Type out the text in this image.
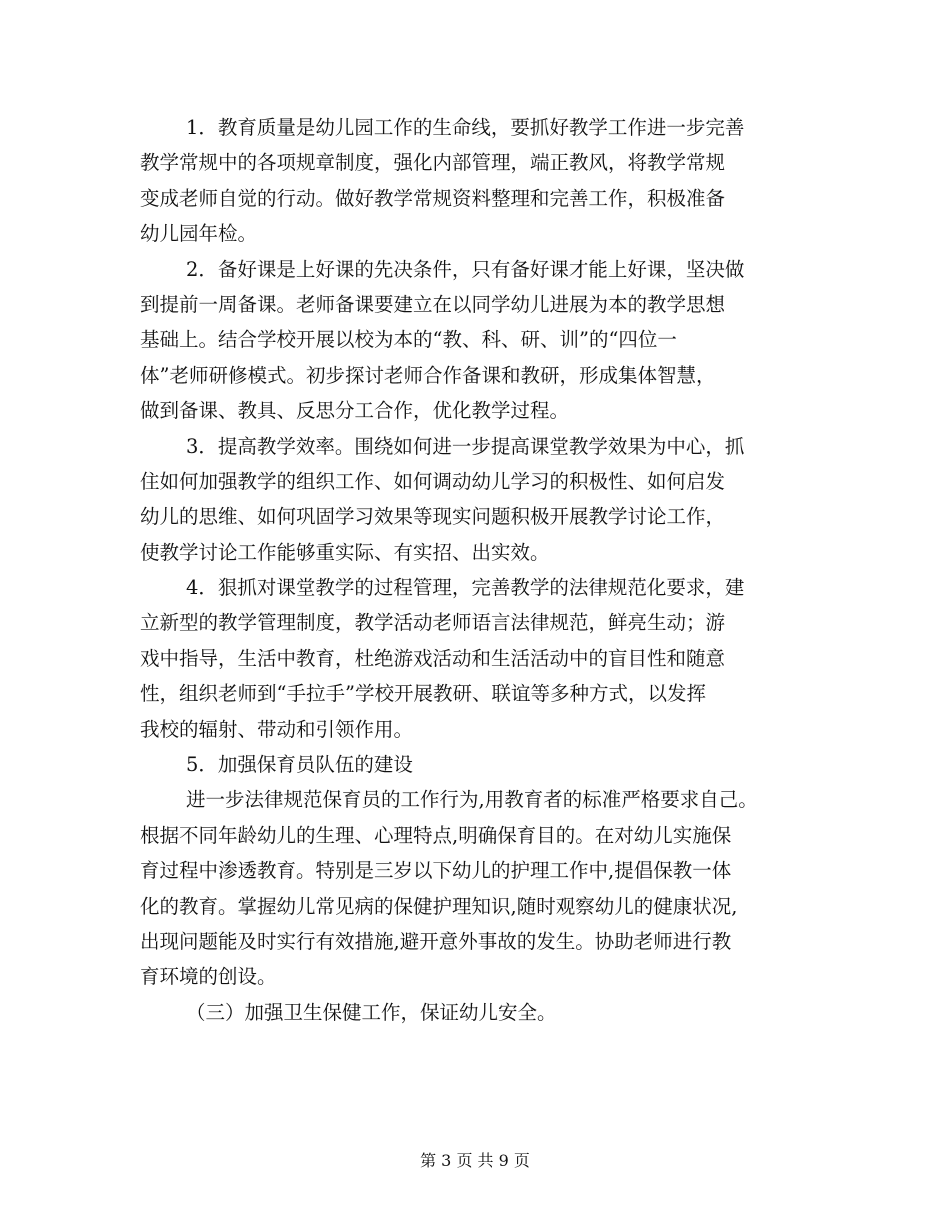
1．教育质量是幼儿园工作的生命线，要抓好教学工作进一步完善
教学常规中的各项规章制度，强化内部管理，端正教风，将教学常规
变成老师自觉的行动。做好教学常规资料整理和完善工作，积极准备
幼儿园年检。
2．备好课是上好课的先决条件，只有备好课才能上好课，坚决做
到提前一周备课。老师备课要建立在以同学幼儿进展为本的教学思想
基础上。结合学校开展以校为本的“教、科、研、训”的“四位一
体”老师研修模式。初步探讨老师合作备课和教研，形成集体智慧，
做到备课、教具、反思分工合作，优化教学过程。
3．提高教学效率。围绕如何进一步提高课堂教学效果为中心，抓
住如何加强教学的组织工作、如何调动幼儿学习的积极性、如何启发
幼儿的思维、如何巩固学习效果等现实问题积极开展教学讨论工作，
使教学讨论工作能够重实际、有实招、出实效。
4．狠抓对课堂教学的过程管理，完善教学的法律规范化要求，建
立新型的教学管理制度，教学活动老师语言法律规范，鲜亮生动；游
戏中指导，生活中教育，杜绝游戏活动和生活活动中的盲目性和随意
性，组织老师到“手拉手”学校开展教研、联谊等多种方式，以发挥
我校的辐射、带动和引领作用。
5．加强保育员队伍的建设
进一步法律规范保育员的工作行为,用教育者的标准严格要求自己。
根据不同年龄幼儿的生理、心理特点,明确保育目的。在对幼儿实施保
育过程中渗透教育。特别是三岁以下幼儿的护理工作中,提倡保教一体
化的教育。掌握幼儿常见病的保健护理知识,随时观察幼儿的健康状况,
出现问题能及时实行有效措施,避开意外事故的发生。协助老师进行教
育环境的创设。
（三）加强卫生保健工作，保证幼儿安全。
第 3 页 共 9 页
